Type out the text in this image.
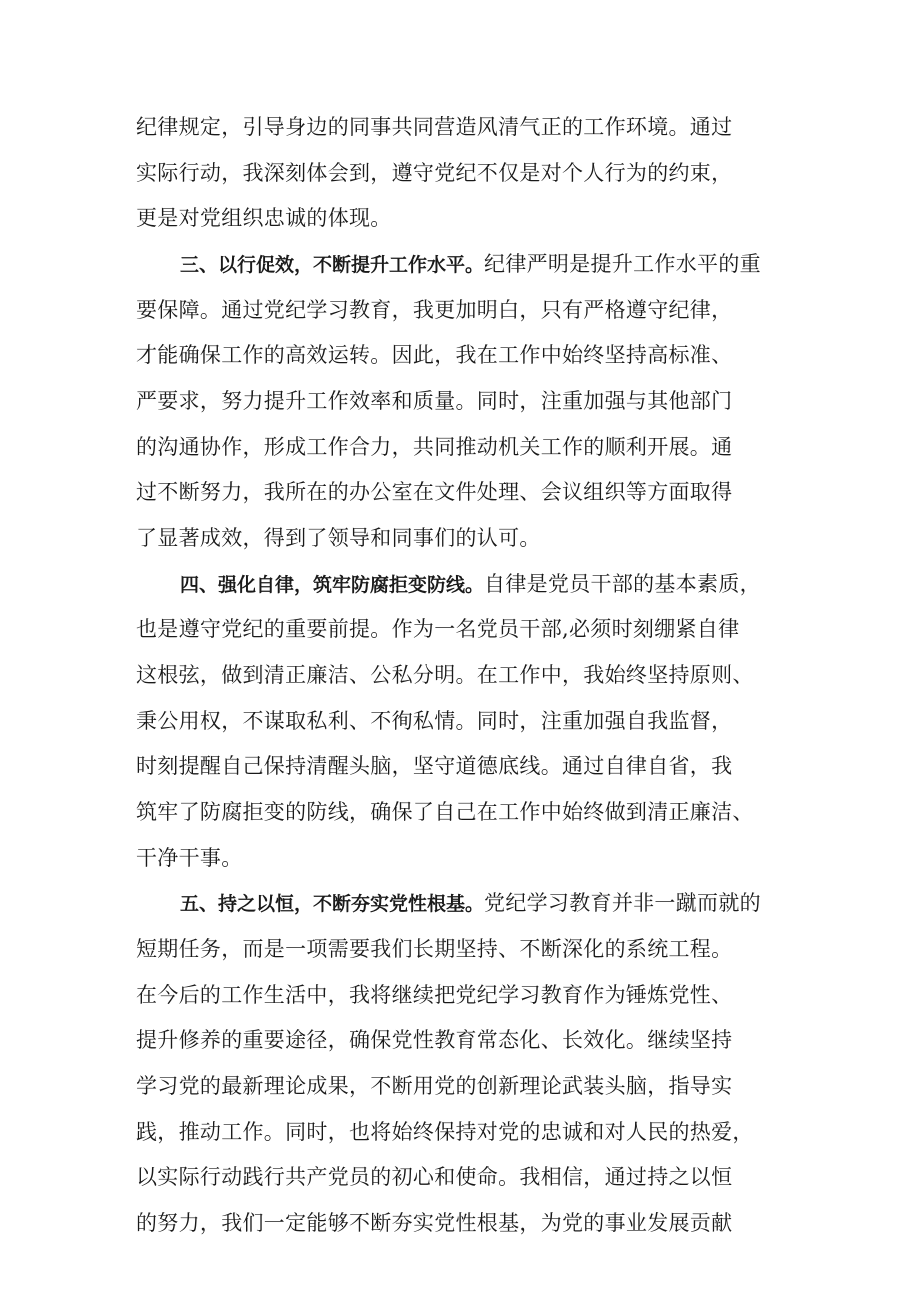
纪律规定，引导身边的同事共同营造风清气正的工作环境。通过
实际行动，我深刻体会到，遵守党纪不仅是对个人行为的约束，
更是对党组织忠诚的体现。
三、以行促效，不断提升工作水平。纪律严明是提升工作水平的重
要保障。通过党纪学习教育，我更加明白，只有严格遵守纪律，
才能确保工作的高效运转。因此，我在工作中始终坚持高标准、
严要求，努力提升工作效率和质量。同时，注重加强与其他部门
的沟通协作，形成工作合力，共同推动机关工作的顺利开展。通
过不断努力，我所在的办公室在文件处理、会议组织等方面取得
了显著成效，得到了领导和同事们的认可。
四、强化自律，筑牢防腐拒变防线。自律是党员干部的基本素质，
也是遵守党纪的重要前提。作为一名党员干部,必须时刻绷紧自律
这根弦，做到清正廉洁、公私分明。在工作中，我始终坚持原则、
秉公用权，不谋取私利、不徇私情。同时，注重加强自我监督，
时刻提醒自己保持清醒头脑，坚守道德底线。通过自律自省，我
筑牢了防腐拒变的防线，确保了自己在工作中始终做到清正廉洁、
干净干事。
五、持之以恒，不断夯实党性根基。党纪学习教育并非一蹴而就的
短期任务，而是一项需要我们长期坚持、不断深化的系统工程。
在今后的工作生活中，我将继续把党纪学习教育作为锤炼党性、
提升修养的重要途径，确保党性教育常态化、长效化。继续坚持
学习党的最新理论成果，不断用党的创新理论武装头脑，指导实
践，推动工作。同时，也将始终保持对党的忠诚和对人民的热爱，
以实际行动践行共产党员的初心和使命。我相信，通过持之以恒
的努力，我们一定能够不断夯实党性根基，为党的事业发展贡献
